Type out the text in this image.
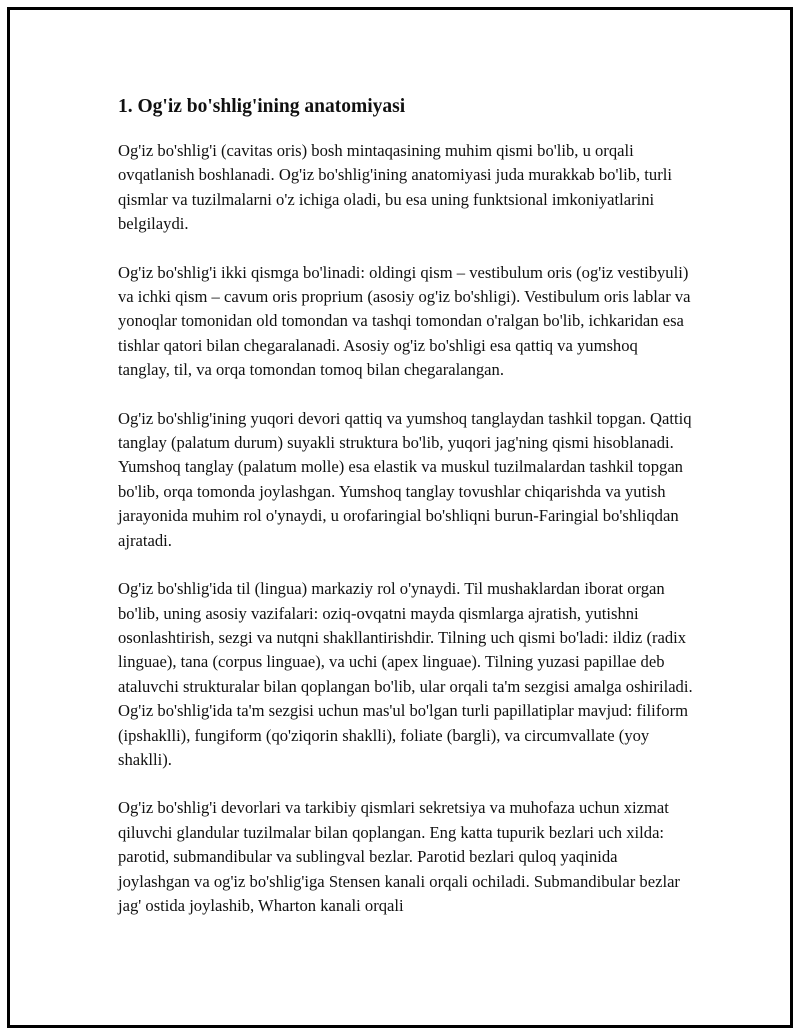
1. Og'iz bo'shlig'ining anatomiyasi

Og'iz bo'shlig'i (cavitas oris) bosh mintaqasining muhim qismi bo'lib, u orqali ovqatlanish boshlanadi. Og'iz bo'shlig'ining anatomiyasi juda murakkab bo'lib, turli qismlar va tuzilmalarni o'z ichiga oladi, bu esa uning funktsional imkoniyatlarini belgilaydi.

Og'iz bo'shlig'i ikki qismga bo'linadi: oldingi qism – vestibulum oris (og'iz vestibyuli) va ichki qism – cavum oris proprium (asosiy og'iz bo'shligi). Vestibulum oris lablar va yonoqlar tomonidan old tomondan va tashqi tomondan o'ralgan bo'lib, ichkaridan esa tishlar qatori bilan chegaralanadi. Asosiy og'iz bo'shligi esa qattiq va yumshoq tanglay, til, va orqa tomondan tomoq bilan chegaralangan.

Og'iz bo'shlig'ining yuqori devori qattiq va yumshoq tanglaydan tashkil topgan. Qattiq tanglay (palatum durum) suyakli struktura bo'lib, yuqori jag'ning qismi hisoblanadi. Yumshoq tanglay (palatum molle) esa elastik va muskul tuzilmalardan tashkil topgan bo'lib, orqa tomonda joylashgan. Yumshoq tanglay tovushlar chiqarishda va yutish jarayonida muhim rol o'ynaydi, u orofaringial bo'shliqni burun-Faringial bo'shliqdan ajratadi.

Og'iz bo'shlig'ida til (lingua) markaziy rol o'ynaydi. Til mushaklardan iborat organ bo'lib, uning asosiy vazifalari: oziq-ovqatni mayda qismlarga ajratish, yutishni osonlashtirish, sezgi va nutqni shakllantirishdir. Tilning uch qismi bo'ladi: ildiz (radix linguae), tana (corpus linguae), va uchi (apex linguae). Tilning yuzasi papillae deb ataluvchi strukturalar bilan qoplangan bo'lib, ular orqali ta'm sezgisi amalga oshiriladi. Og'iz bo'shlig'ida ta'm sezgisi uchun mas'ul bo'lgan turli papillatiplar mavjud: filiform (ipshaklli), fungiform (qo'ziqorin shaklli), foliate (bargli), va circumvallate (yoy shaklli).

Og'iz bo'shlig'i devorlari va tarkibiy qismlari sekretsiya va muhofaza uchun xizmat qiluvchi glandular tuzilmalar bilan qoplangan. Eng katta tupurik bezlari uch xilda: parotid, submandibular va sublingval bezlar. Parotid bezlari quloq yaqinida joylashgan va og'iz bo'shlig'iga Stensen kanali orqali ochiladi. Submandibular bezlar jag' ostida joylashib, Wharton kanali orqali
